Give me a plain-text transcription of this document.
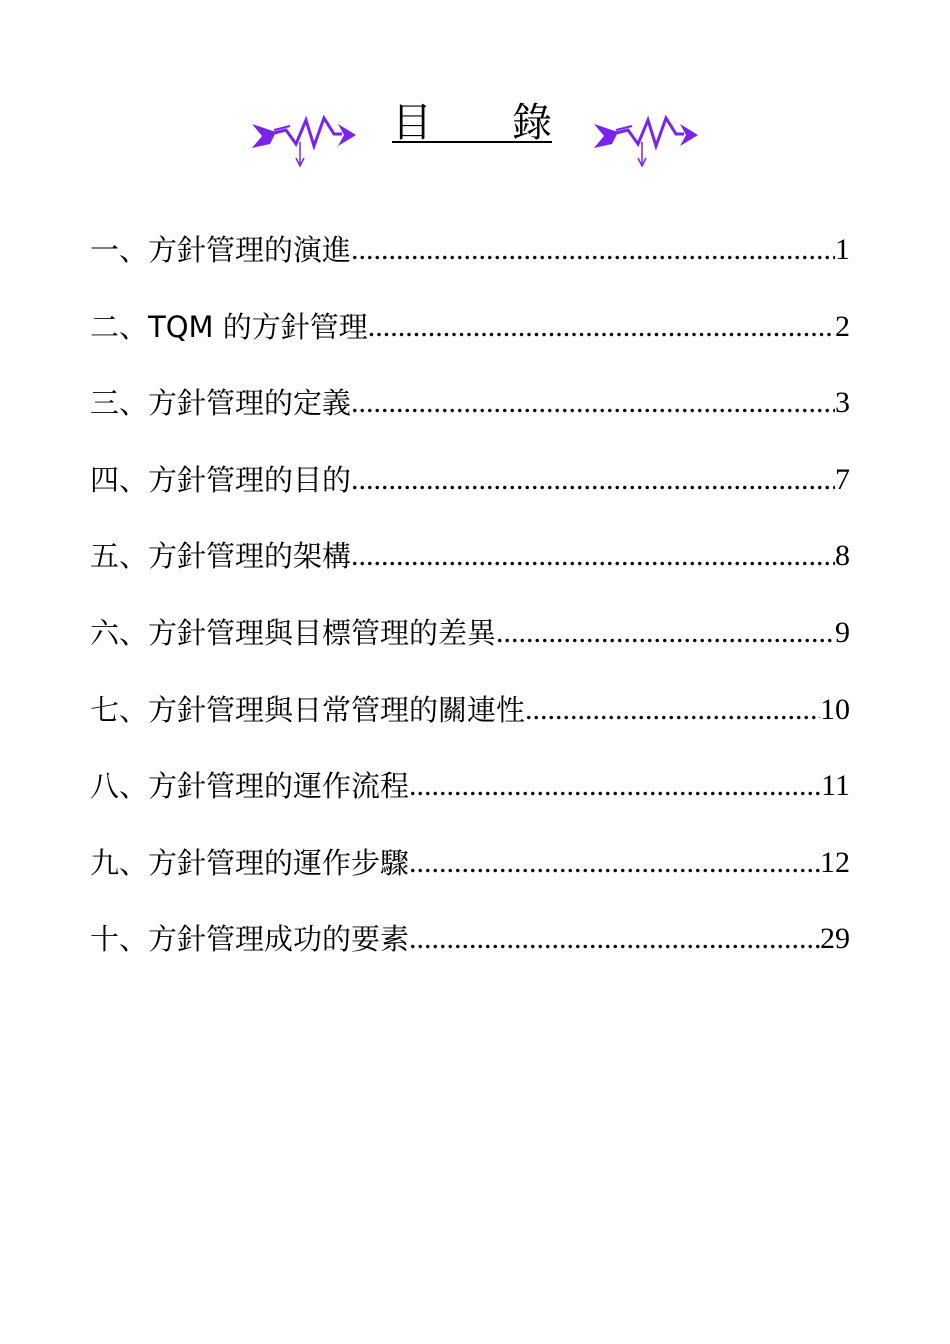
目　　錄
一、方針管理的演進 .....	1
二、TQM 的方針管理 .....	2
三、方針管理的定義 .....	3
四、方針管理的目的 .....	7
五、方針管理的架構 .....	8
六、方針管理與目標管理的差異 .....	9
七、方針管理與日常管理的關連性 .....	10
八、方針管理的運作流程 .....	11
九、方針管理的運作步驟 .....	12
十、方針管理成功的要素 .....	29
